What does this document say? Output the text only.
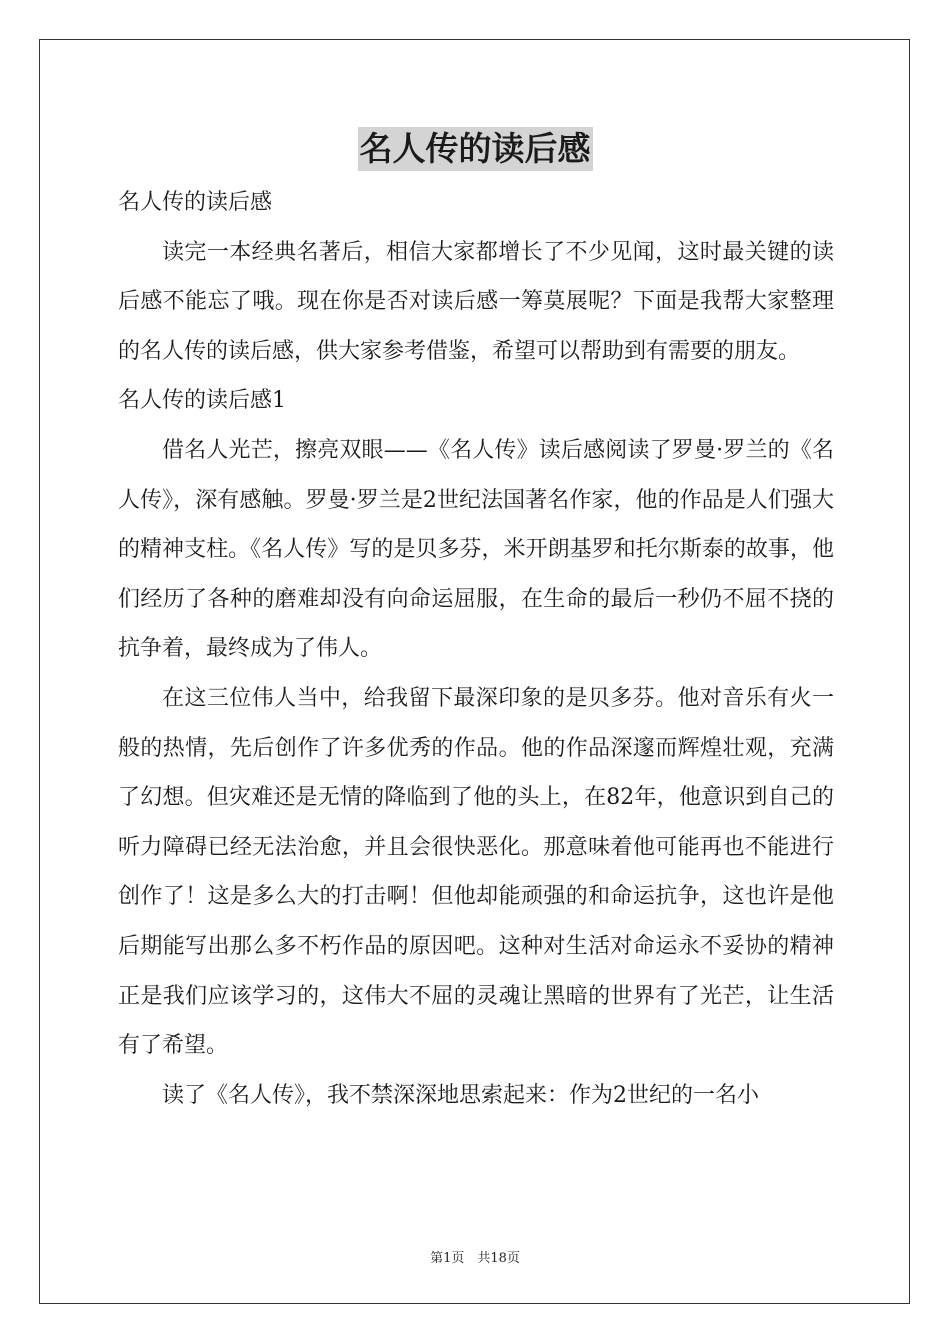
名人传的读后感

名人传的读后感

读完一本经典名著后，相信大家都增长了不少见闻，这时最关键的读后感不能忘了哦。现在你是否对读后感一筹莫展呢？下面是我帮大家整理的名人传的读后感，供大家参考借鉴，希望可以帮助到有需要的朋友。

名人传的读后感1

借名人光芒，擦亮双眼——《名人传》读后感阅读了罗曼·罗兰的《名人传》，深有感触。罗曼·罗兰是2世纪法国著名作家，他的作品是人们强大的精神支柱。《名人传》写的是贝多芬，米开朗基罗和托尔斯泰的故事，他们经历了各种的磨难却没有向命运屈服，在生命的最后一秒仍不屈不挠的抗争着，最终成为了伟人。

在这三位伟人当中，给我留下最深印象的是贝多芬。他对音乐有火一般的热情，先后创作了许多优秀的作品。他的作品深邃而辉煌壮观，充满了幻想。但灾难还是无情的降临到了他的头上，在82年，他意识到自己的听力障碍已经无法治愈，并且会很快恶化。那意味着他可能再也不能进行创作了！这是多么大的打击啊！但他却能顽强的和命运抗争，这也许是他后期能写出那么多不朽作品的原因吧。这种对生活对命运永不妥协的精神正是我们应该学习的，这伟大不屈的灵魂让黑暗的世界有了光芒，让生活有了希望。

读了《名人传》，我不禁深深地思索起来：作为2世纪的一名小

第1页　共18页
